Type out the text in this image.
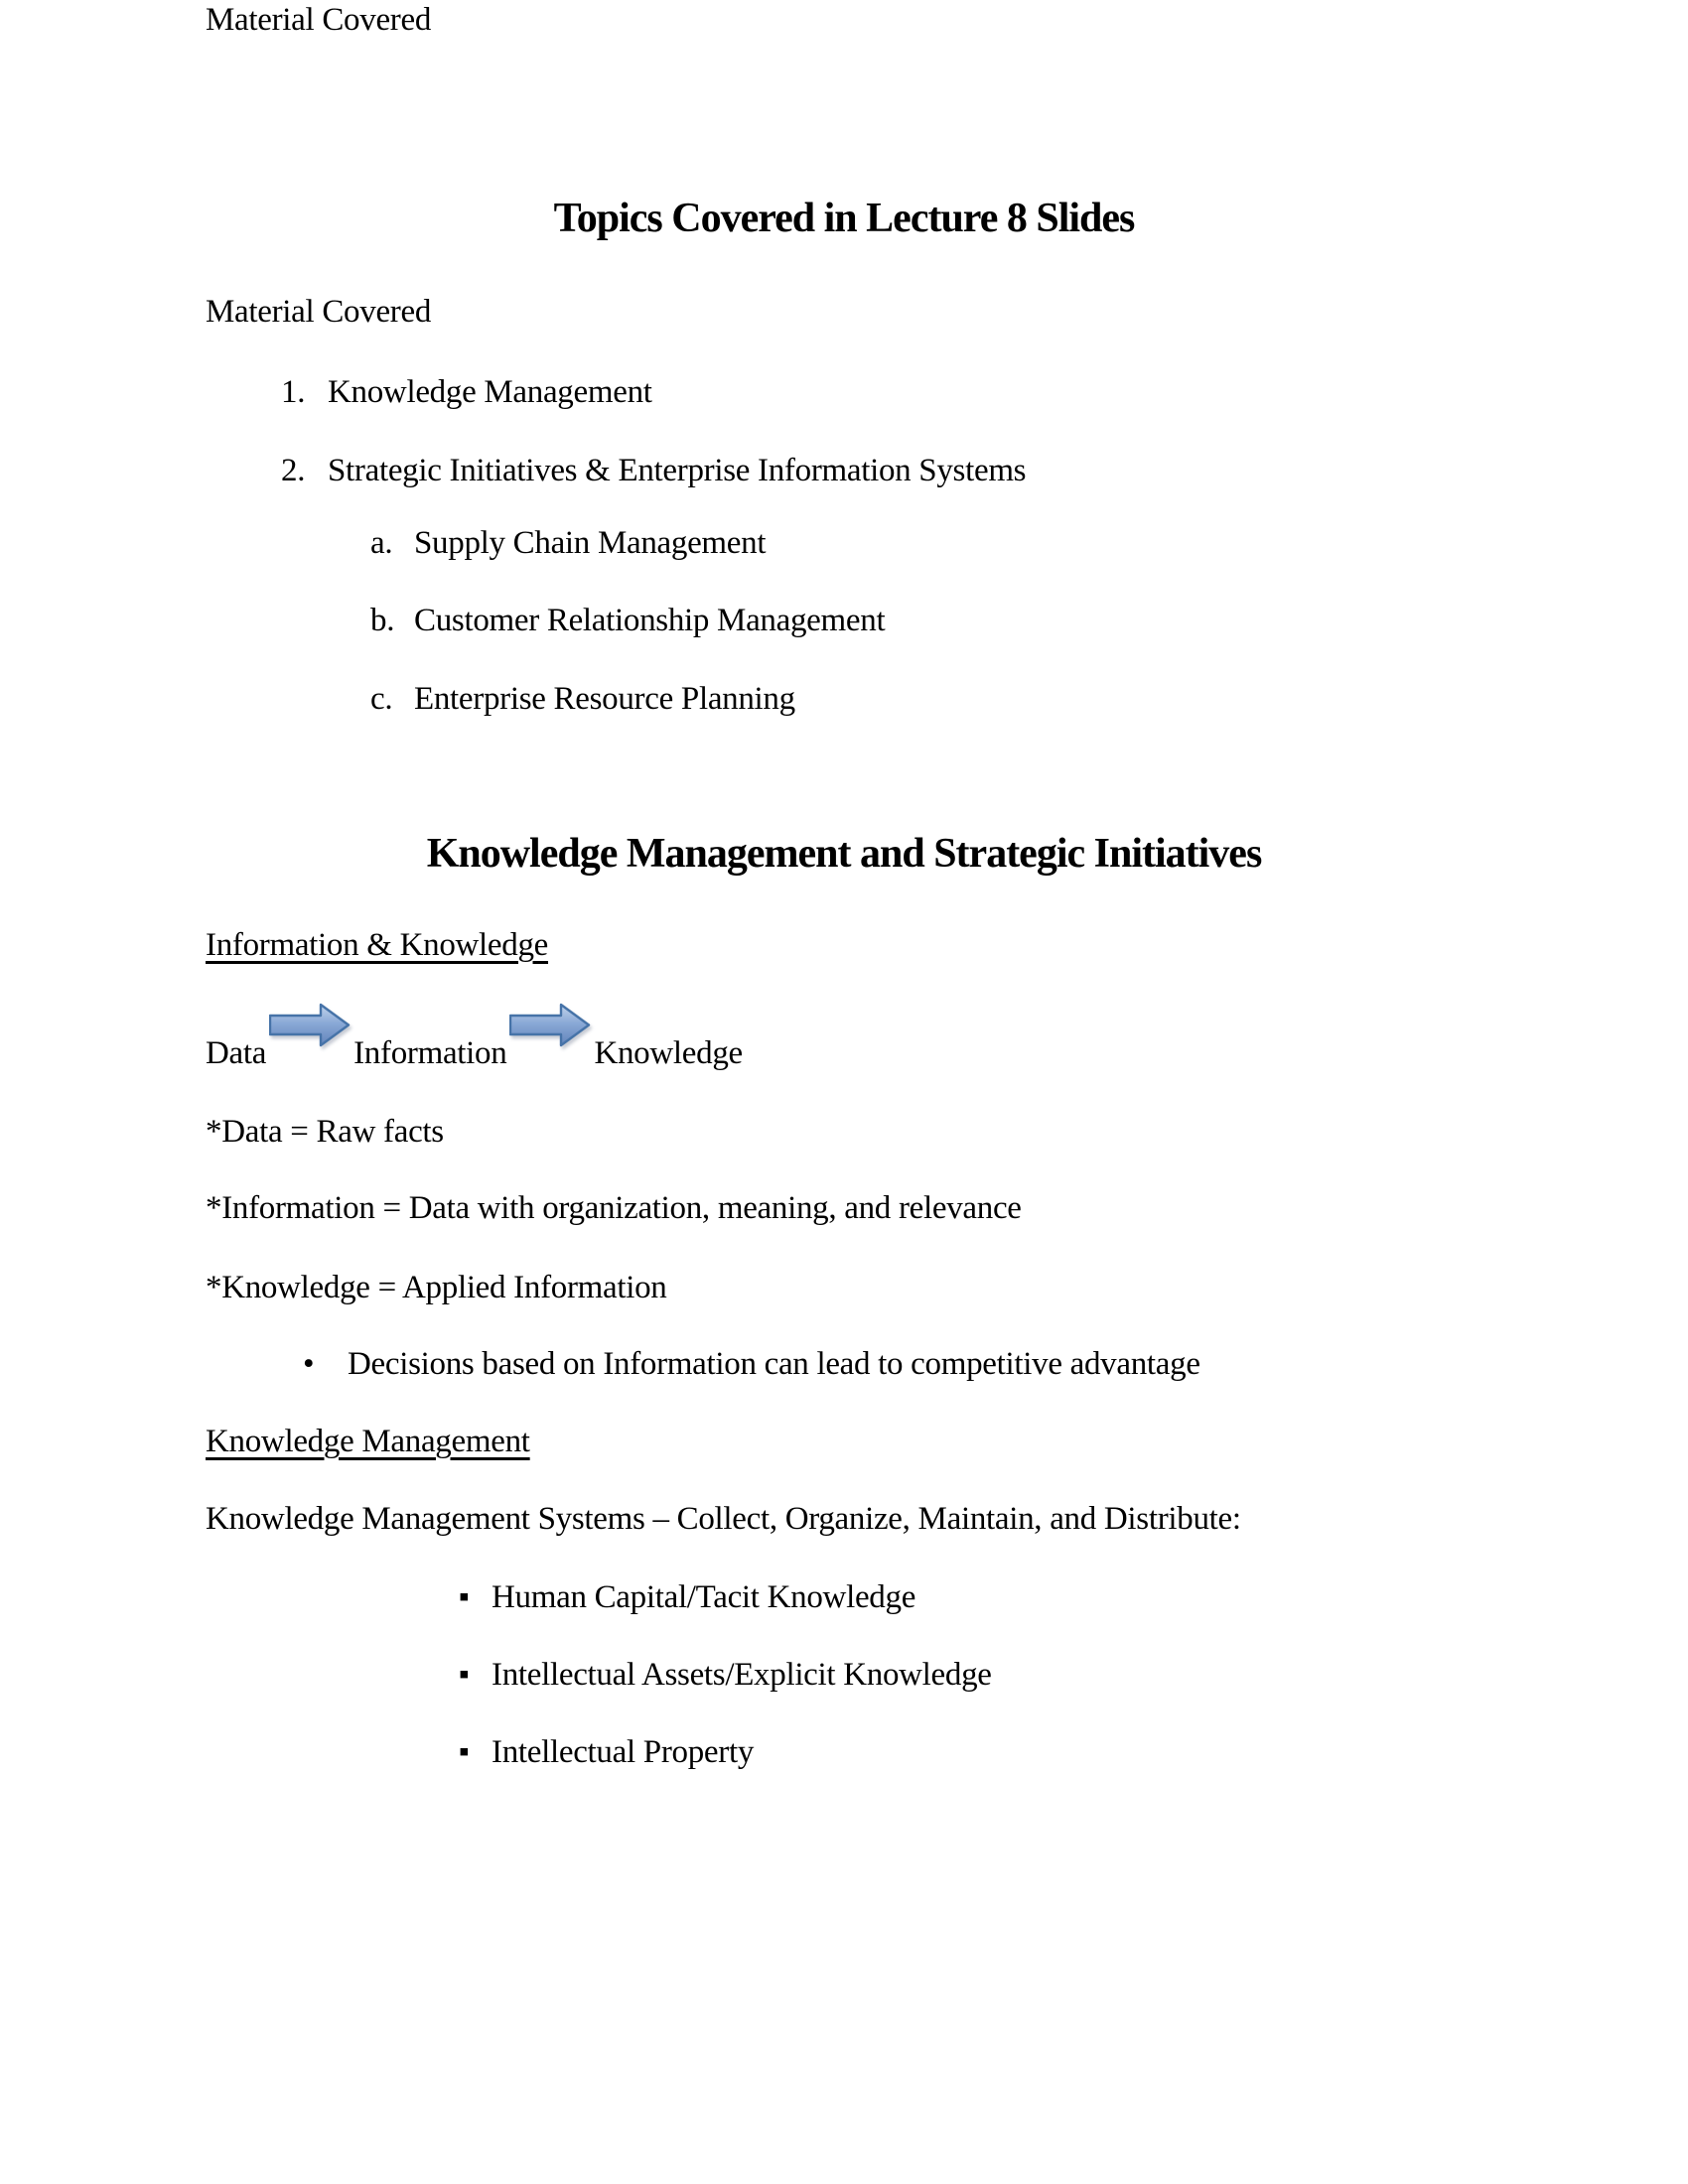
Topics Covered in Lecture 8 Slides
Material Covered
Material Covered
1. Knowledge Management
2. Strategic Initiatives & Enterprise Information Systems
a. Supply Chain Management
b. Customer Relationship Management
c. Enterprise Resource Planning
Knowledge Management and Strategic Initiatives
Information & Knowledge
Data	Information	Knowledge
*Data = Raw facts
*Information = Data with organization, meaning, and relevance
*Knowledge = Applied Information
• Decisions based on Information can lead to competitive advantage
Knowledge Management
Knowledge Management Systems – Collect, Organize, Maintain, and Distribute:
▪ Human Capital/Tacit Knowledge
▪ Intellectual Assets/Explicit Knowledge
▪ Intellectual Property
